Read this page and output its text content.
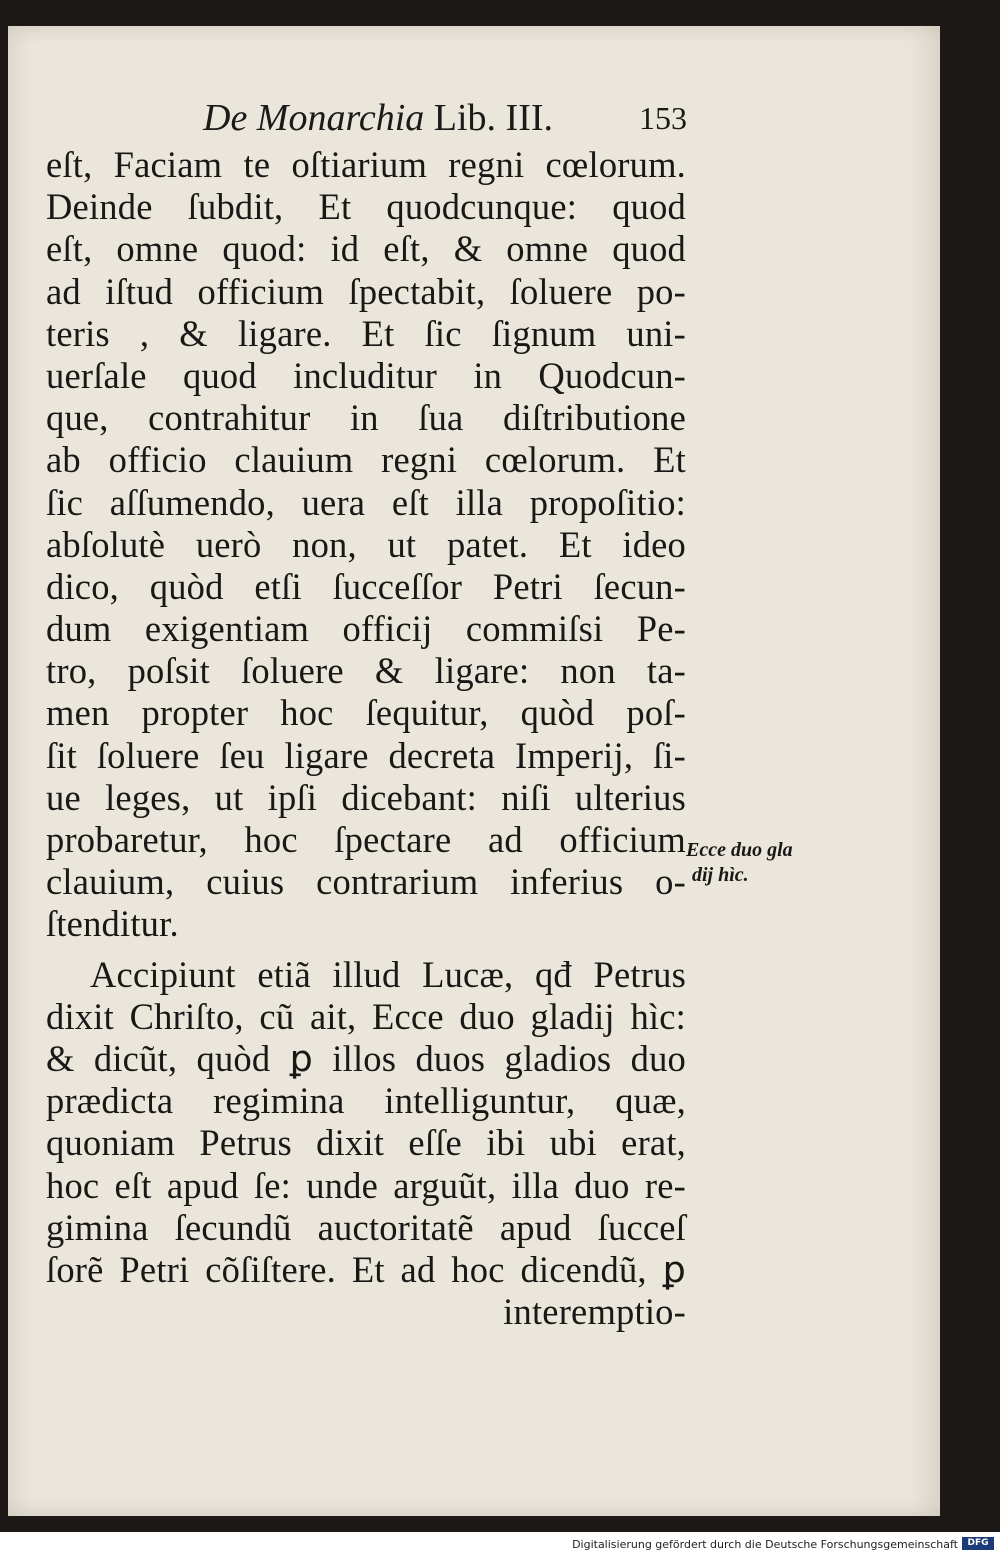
De Monarchia Lib. III.	153
eſt, Faciam te oſtiarium regni cœlorum.
Deinde ſubdit, Et quodcunque: quod
eſt, omne quod: id eſt, & omne quod
ad iſtud officium ſpectabit, ſoluere po-
teris , & ligare. Et ſic ſignum uni-
uerſale quod includitur in Quodcun-
que, contrahitur in ſua diſtributione
ab officio clauium regni cœlorum. Et
ſic aſſumendo, uera eſt illa propoſitio:
abſolutè uerò non, ut patet. Et ideo
dico, quòd etſi ſucceſſor Petri ſecun-
dum exigentiam officij commiſsi Pe-
tro, poſsit ſoluere & ligare: non ta-
men propter hoc ſequitur, quòd poſ-
ſit ſoluere ſeu ligare decreta Imperij, ſi-
ue leges, ut ipſi dicebant: niſi ulterius
probaretur, hoc ſpectare ad officium
clauium, cuius contrarium inferius o-
ſtenditur.
Accipiunt etiã illud Lucæ, qđ Petrus
dixit Chriſto, cũ ait, Ecce duo gladij hìc:
& dicũt, quòd ꝑ illos duos gladios duo
prædicta regimina intelliguntur, quæ,
quoniam Petrus dixit eſſe ibi ubi erat,
hoc eſt apud ſe: unde arguũt, illa duo re-
gimina ſecundũ auctoritatẽ apud ſucceſ
ſorẽ Petri cõſiſtere. Et ad hoc dicendũ, ꝑ
interemptio-
Ecce duo gla
dij hìc.
Digitalisierung gefördert durch die Deutsche Forschungsgemeinschaft	DFG
